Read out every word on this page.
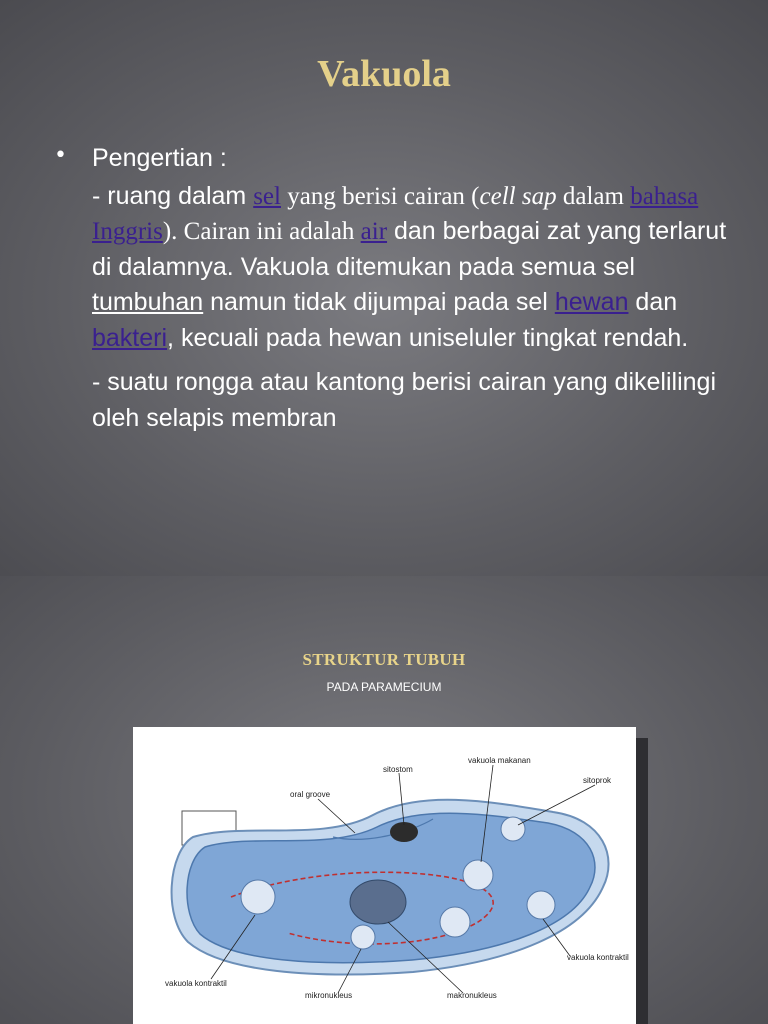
Vakuola
• Pengertian :

- ruang dalam sel yang berisi cairan (cell sap dalam bahasa Inggris). Cairan ini adalah air dan berbagai zat yang terlarut di dalamnya. Vakuola ditemukan pada semua sel tumbuhan namun tidak dijumpai pada sel hewan dan bakteri, kecuali pada hewan uniseluler tingkat rendah.

- suatu rongga atau kantong berisi cairan yang dikelilingi oleh selapis membran

STRUKTUR TUBUH
PADA PARAMECIUM
sitostom
vakuola makanan
sitoprok
oral groove
vakuola kontraktil
vakuola kontraktil
mikronukleus	makronukleus
